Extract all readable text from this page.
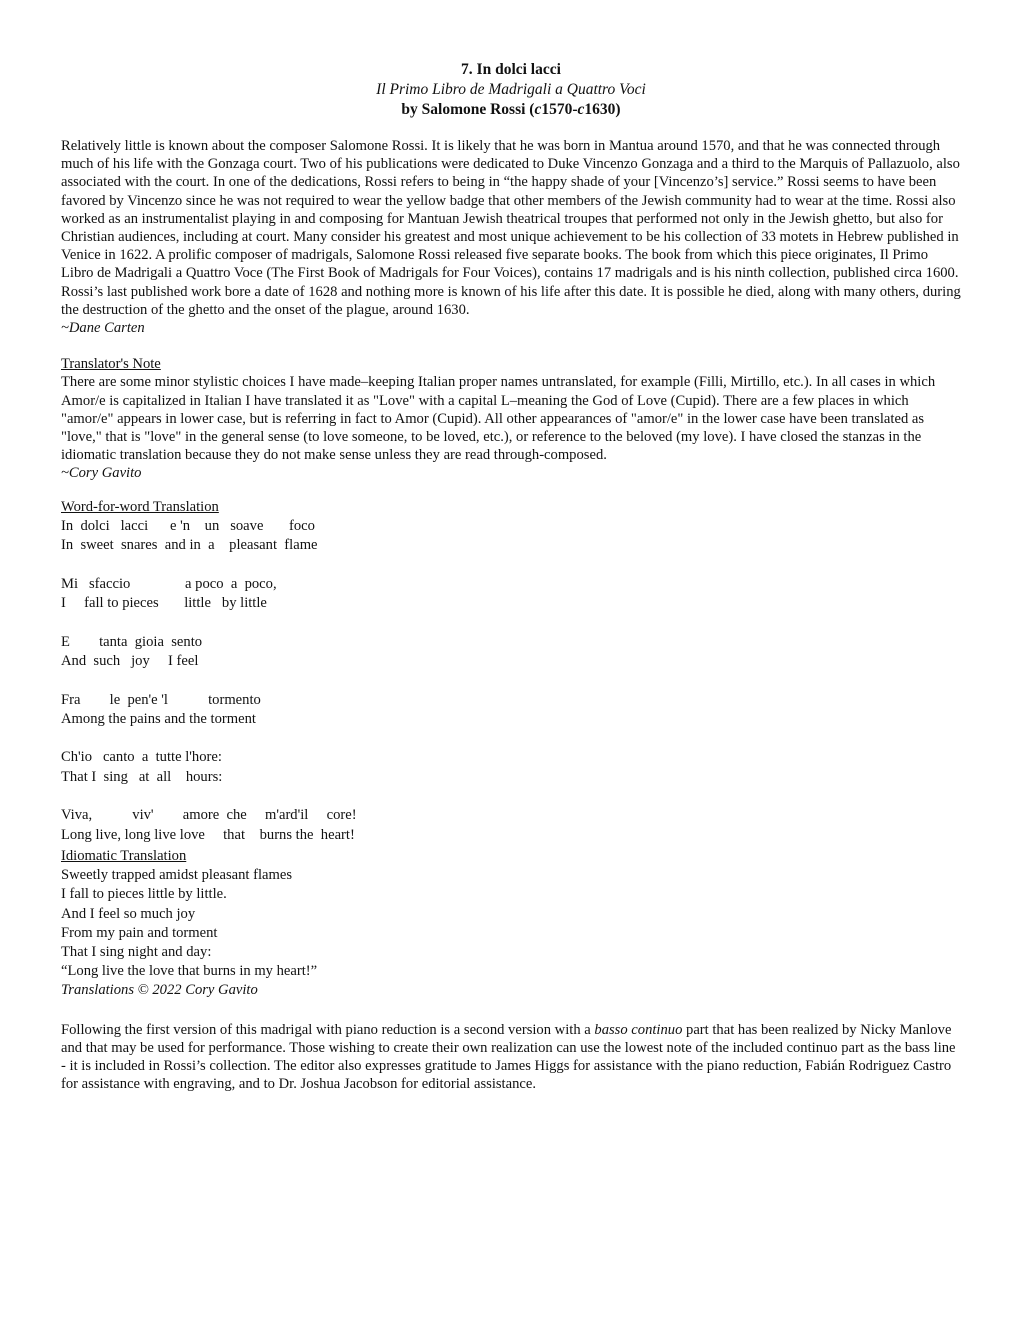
7. In dolci lacci
Il Primo Libro de Madrigali a Quattro Voci
by Salomone Rossi (c1570-c1630)

Relatively little is known about the composer Salomone Rossi. It is likely that he was born in Mantua around 1570, and that he was connected through much of his life with the Gonzaga court. Two of his publications were dedicated to Duke Vincenzo Gonzaga and a third to the Marquis of Pallazuolo, also associated with the court. In one of the dedications, Rossi refers to being in “the happy shade of your [Vincenzo’s] service.” Rossi seems to have been favored by Vincenzo since he was not required to wear the yellow badge that other members of the Jewish community had to wear at the time. Rossi also worked as an instrumentalist playing in and composing for Mantuan Jewish theatrical troupes that performed not only in the Jewish ghetto, but also for Christian audiences, including at court. Many consider his greatest and most unique achievement to be his collection of 33 motets in Hebrew published in Venice in 1622. A prolific composer of madrigals, Salomone Rossi released five separate books. The book from which this piece originates, Il Primo Libro de Madrigali a Quattro Voce (The First Book of Madrigals for Four Voices), contains 17 madrigals and is his ninth collection, published circa 1600. Rossi’s last published work bore a date of 1628 and nothing more is known of his life after this date. It is possible he died, along with many others, during the destruction of the ghetto and the onset of the plague, around 1630.

~Dane Carten

Translator's Note

There are some minor stylistic choices I have made–keeping Italian proper names untranslated, for example (Filli, Mirtillo, etc.). In all cases in which Amor/e is capitalized in Italian I have translated it as "Love" with a capital L–meaning the God of Love (Cupid). There are a few places in which "amor/e" appears in lower case, but is referring in fact to Amor (Cupid). All other appearances of "amor/e" in the lower case have been translated as "love," that is "love" in the general sense (to love someone, to be loved, etc.), or reference to the beloved (my love). I have closed the stanzas in the idiomatic translation because they do not make sense unless they are read through-composed.

~Cory Gavito

Word-for-word Translation

In  dolci   lacci      e 'n    un   soave       foco
In  sweet  snares  and in  a    pleasant  flame
Mi   sfaccio               a poco  a  poco,
I     fall to pieces       little   by little
E        tanta  gioia  sento
And  such   joy     I feel
Fra        le  pen'e 'l           tormento
Among the pains and the torment
Ch'io   canto  a  tutte l'hore:
That I  sing   at  all    hours:
Viva,           viv'        amore  che     m'ard'il     core!
Long live, long live love     that    burns the  heart!

Idiomatic Translation

Sweetly trapped amidst pleasant flames

I fall to pieces little by little.

And I feel so much joy

From my pain and torment

That I sing night and day:

“Long live the love that burns in my heart!”

Translations © 2022 Cory Gavito

Following the first version of this madrigal with piano reduction is a second version with a basso continuo part that has been realized by Nicky Manlove and that may be used for performance. Those wishing to create their own realization can use the lowest note of the included continuo part as the bass line - it is included in Rossi’s collection. The editor also expresses gratitude to James Higgs for assistance with the piano reduction, Fabián Rodriguez Castro for assistance with engraving, and to Dr. Joshua Jacobson for editorial assistance.
